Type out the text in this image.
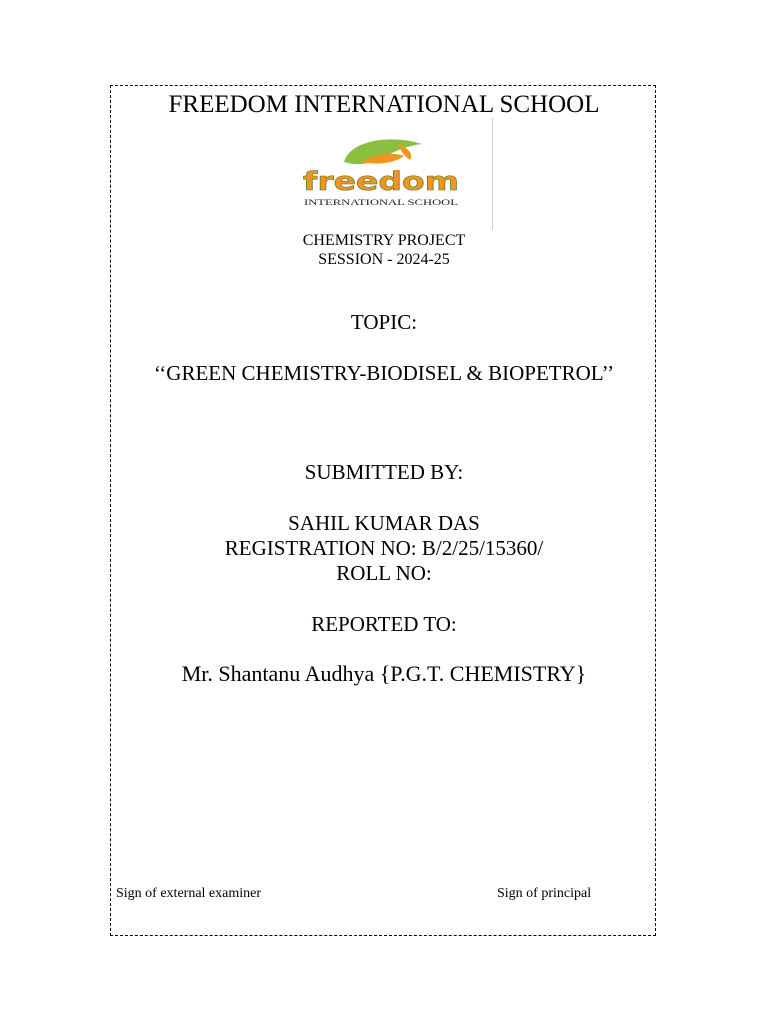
FREEDOM INTERNATIONAL SCHOOL
freedom
INTERNATIONAL SCHOOL
CHEMISTRY PROJECT
SESSION - 2024-25
TOPIC:
‘‘GREEN CHEMISTRY-BIODISEL & BIOPETROL’’
SUBMITTED BY:
SAHIL KUMAR DAS
REGISTRATION NO: B/2/25/15360/
ROLL NO:
REPORTED TO:
Mr. Shantanu Audhya {P.G.T. CHEMISTRY}
Sign of external examiner	Sign of principal
